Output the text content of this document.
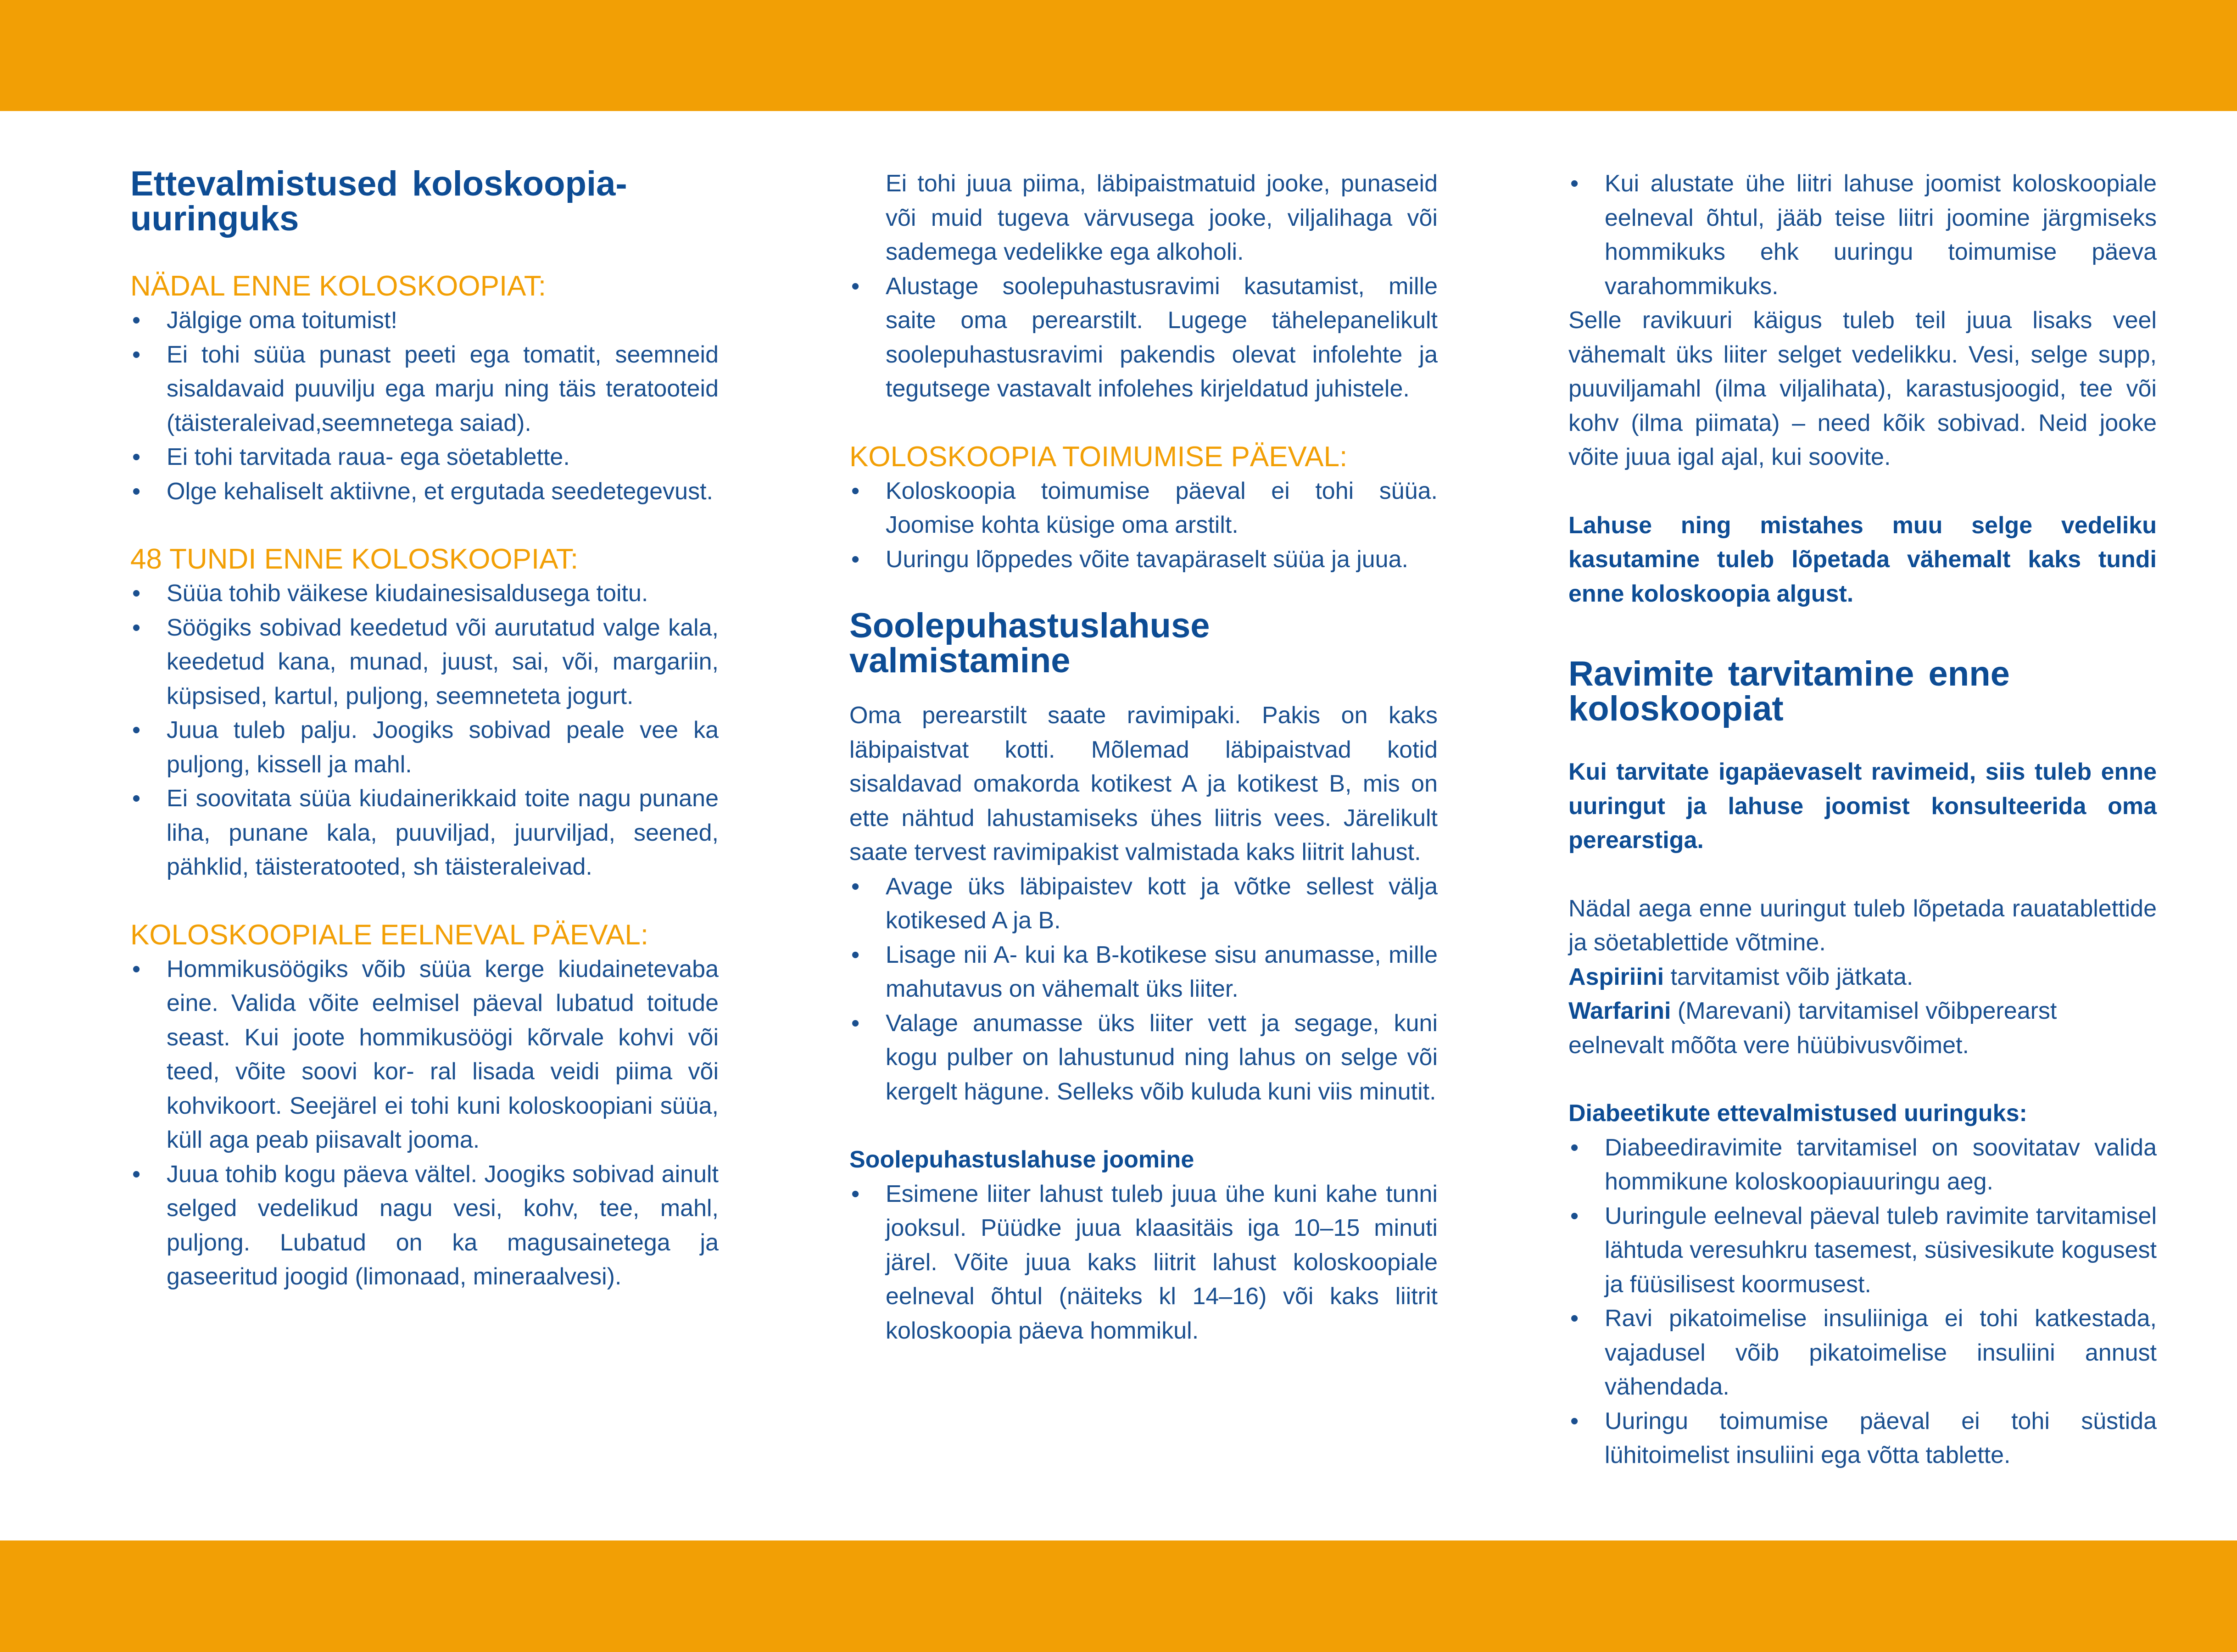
Ettevalmistused koloskoopia-uuringuks
NÄDAL ENNE KOLOSKOOPIAT:
• Jälgige oma toitumist!
• Ei tohi süüa punast peeti ega tomatit, seemneid sisaldavaid puuvilju ega marju ning täis teratooteid (täisteraleivad,seemnetega saiad).
• Ei tohi tarvitada raua- ega söetablette.
• Olge kehaliselt aktiivne, et ergutada seedetegevust.
48 TUNDI ENNE KOLOSKOOPIAT:
• Süüa tohib väikese kiudainesisaldusega toitu.
• Söögiks sobivad keedetud või aurutatud valge kala, keedetud kana, munad, juust, sai, või, margariin, küpsised, kartul, puljong, seemneteta jogurt.
• Juua tuleb palju. Joogiks sobivad peale vee ka puljong, kissell ja mahl.
• Ei soovitata süüa kiudainerikkaid toite nagu punane liha, punane kala, puuviljad, juurviljad, seened, pähklid, täisteratooted, sh täisteraleivad.
KOLOSKOOPIALE EELNEVAL PÄEVAL:
• Hommikusöögiks võib süüa kerge kiudainetevaba eine. Valida võite eelmisel päeval lubatud toitude seast. Kui joote hommikusöögi kõrvale kohvi või teed, võite soovi kor- ral lisada veidi piima või kohvikoort. Seejärel ei tohi kuni koloskoopiani süüa, küll aga peab piisavalt jooma.
• Juua tohib kogu päeva vältel. Joogiks sobivad ainult selged vedelikud nagu vesi, kohv, tee, mahl, puljong. Lubatud on ka magusainetega ja gaseeritud joogid (limonaad, mineraalvesi).

Ei tohi juua piima, läbipaistmatuid jooke, punaseid või muid tugeva värvusega jooke, viljalihaga või sademega vedelikke ega alkoholi.

• Alustage soolepuhastusravimi kasutamist, mille saite oma perearstilt. Lugege tähelepanelikult soolepuhastusravimi pakendis olevat infolehte ja tegutsege vastavalt infolehes kirjeldatud juhistele.
KOLOSKOOPIA TOIMUMISE PÄEVAL:
• Koloskoopia toimumise päeval ei tohi süüa. Joomise kohta küsige oma arstilt.
• Uuringu lõppedes võite tavapäraselt süüa ja juua.
Soolepuhastuslahuse valmistamine

Oma perearstilt saate ravimipaki. Pakis on kaks läbipaistvat kotti. Mõlemad läbipaistvad kotid sisaldavad omakorda kotikest A ja kotikest B, mis on ette nähtud lahustamiseks ühes liitris vees. Järelikult saate tervest ravimipakist valmistada kaks liitrit lahust.

• Avage üks läbipaistev kott ja võtke sellest välja kotikesed A ja B.
• Lisage nii A- kui ka B-kotikese sisu anumasse, mille mahutavus on vähemalt üks liiter.
• Valage anumasse üks liiter vett ja segage, kuni kogu pulber on lahustunud ning lahus on selge või kergelt hägune. Selleks võib kuluda kuni viis minutit.
Soolepuhastuslahuse joomine
• Esimene liiter lahust tuleb juua ühe kuni kahe tunni jooksul. Püüdke juua klaasitäis iga 10–15 minuti järel. Võite juua kaks liitrit lahust koloskoopiale eelneval õhtul (näiteks kl 14–16) või kaks liitrit koloskoopia päeva hommikul.
• Kui alustate ühe liitri lahuse joomist koloskoopiale eelneval õhtul, jääb teise liitri joomine järgmiseks hommikuks ehk uuringu toimumise päeva varahommikuks.

Selle ravikuuri käigus tuleb teil juua lisaks veel vähemalt üks liiter selget vedelikku. Vesi, selge supp, puuviljamahl (ilma viljalihata), karastusjoogid, tee või kohv (ilma piimata) – need kõik sobivad. Neid jooke võite juua igal ajal, kui soovite.

Lahuse ning mistahes muu selge vedeliku kasutamine tuleb lõpetada vähemalt kaks tundi enne koloskoopia algust.

Ravimite tarvitamine enne koloskoopiat

Kui tarvitate igapäevaselt ravimeid, siis tuleb enne uuringut ja lahuse joomist konsulteerida oma perearstiga.

Nädal aega enne uuringut tuleb lõpetada rauatablettide ja söetablettide võtmine.

Aspiriini tarvitamist võib jätkata.

Warfarini (Marevani) tarvitamisel võibperearst eelnevalt mõõta vere hüübivusvõimet.

Diabeetikute ettevalmistused uuringuks:
• Diabeediravimite tarvitamisel on soovitatav valida hommikune koloskoopiauuringu aeg.
• Uuringule eelneval päeval tuleb ravimite tarvitamisel lähtuda veresuhkru tasemest, süsivesikute kogusest ja füüsilisest koormusest.
• Ravi pikatoimelise insuliiniga ei tohi katkestada, vajadusel võib pikatoimelise insuliini annust vähendada.
• Uuringu toimumise päeval ei tohi süstida lühitoimelist insuliini ega võtta tablette.
